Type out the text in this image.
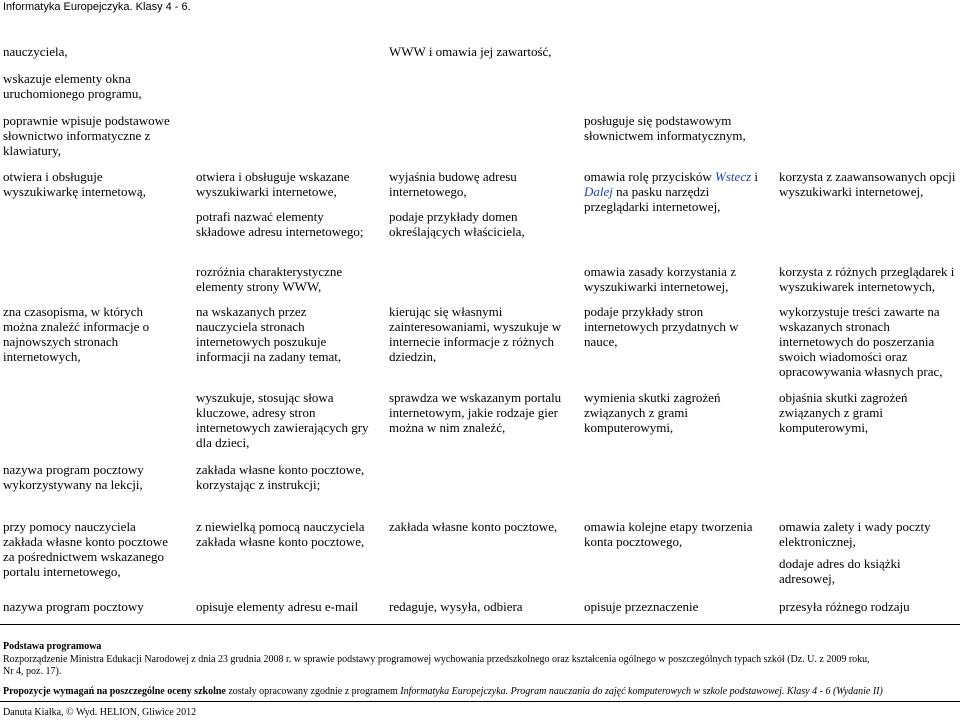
Informatyka Europejczyka. Klasy 4 - 6.

nauczyciela,

wskazuje elementy okna uruchomionego programu,

poprawnie wpisuje podstawowe słownictwo informatyczne z klawiatury,

otwiera i obsługuje wyszukiwarkę internetową,

zna czasopisma, w których można znaleźć informacje o najnowszych stronach internetowych,

nazywa program pocztowy wykorzystywany na lekcji,

przy pomocy nauczyciela zakłada własne konto pocztowe za pośrednictwem wskazanego portalu internetowego,

nazywa program pocztowy

otwiera i obsługuje wskazane wyszukiwarki internetowe,

potrafi nazwać elementy składowe adresu internetowego;

rozróżnia charakterystyczne elementy strony WWW,

na wskazanych przez nauczyciela stronach internetowych poszukuje informacji na zadany temat,

wyszukuje, stosując słowa kluczowe, adresy stron internetowych zawierających gry dla dzieci,

zakłada własne konto pocztowe, korzystając z instrukcji;

z niewielką pomocą nauczyciela zakłada własne konto pocztowe,

opisuje elementy adresu e-mail

WWW i omawia jej zawartość,

wyjaśnia budowę adresu internetowego,

podaje przykłady domen określających właściciela,

kierując się własnymi zainteresowaniami, wyszukuje w internecie informacje z różnych dziedzin,

sprawdza we wskazanym portalu internetowym, jakie rodzaje gier można w nim znaleźć,

zakłada własne konto pocztowe,

redaguje, wysyła, odbiera

posługuje się podstawowym słownictwem informatycznym,

omawia rolę przycisków Wstecz i Dalej na pasku narzędzi przeglądarki internetowej,

omawia zasady korzystania z wyszukiwarki internetowej,

podaje przykłady stron internetowych przydatnych w nauce,

wymienia skutki zagrożeń związanych z grami komputerowymi,

omawia kolejne etapy tworzenia konta pocztowego,

opisuje przeznaczenie

korzysta z zaawansowanych opcji wyszukiwarki internetowej,

korzysta z różnych przeglądarek i wyszukiwarek internetowych,

wykorzystuje treści zawarte na wskazanych stronach internetowych do poszerzania swoich wiadomości oraz opracowywania własnych prac,

objaśnia skutki zagrożeń związanych z grami komputerowymi,

omawia zalety i wady poczty elektronicznej,

dodaje adres do książki adresowej,

przesyła różnego rodzaju

Podstawa programowa
Rozporządzenie Ministra Edukacji Narodowej z dnia 23 grudnia 2008 r. w sprawie podstawy programowej wychowania przedszkolnego oraz kształcenia ogólnego w poszczególnych typach szkół (Dz. U. z 2009 roku,
Nr 4, poz. 17).
Propozycje wymagań na poszczególne oceny szkolne zostały opracowany zgodnie z programem Informatyka Europejczyka. Program nauczania do zajęć komputerowych w szkole podstawowej. Klasy 4 - 6 (Wydanie II)
Danuta Kiałka, © Wyd. HELION, Gliwice 2012
